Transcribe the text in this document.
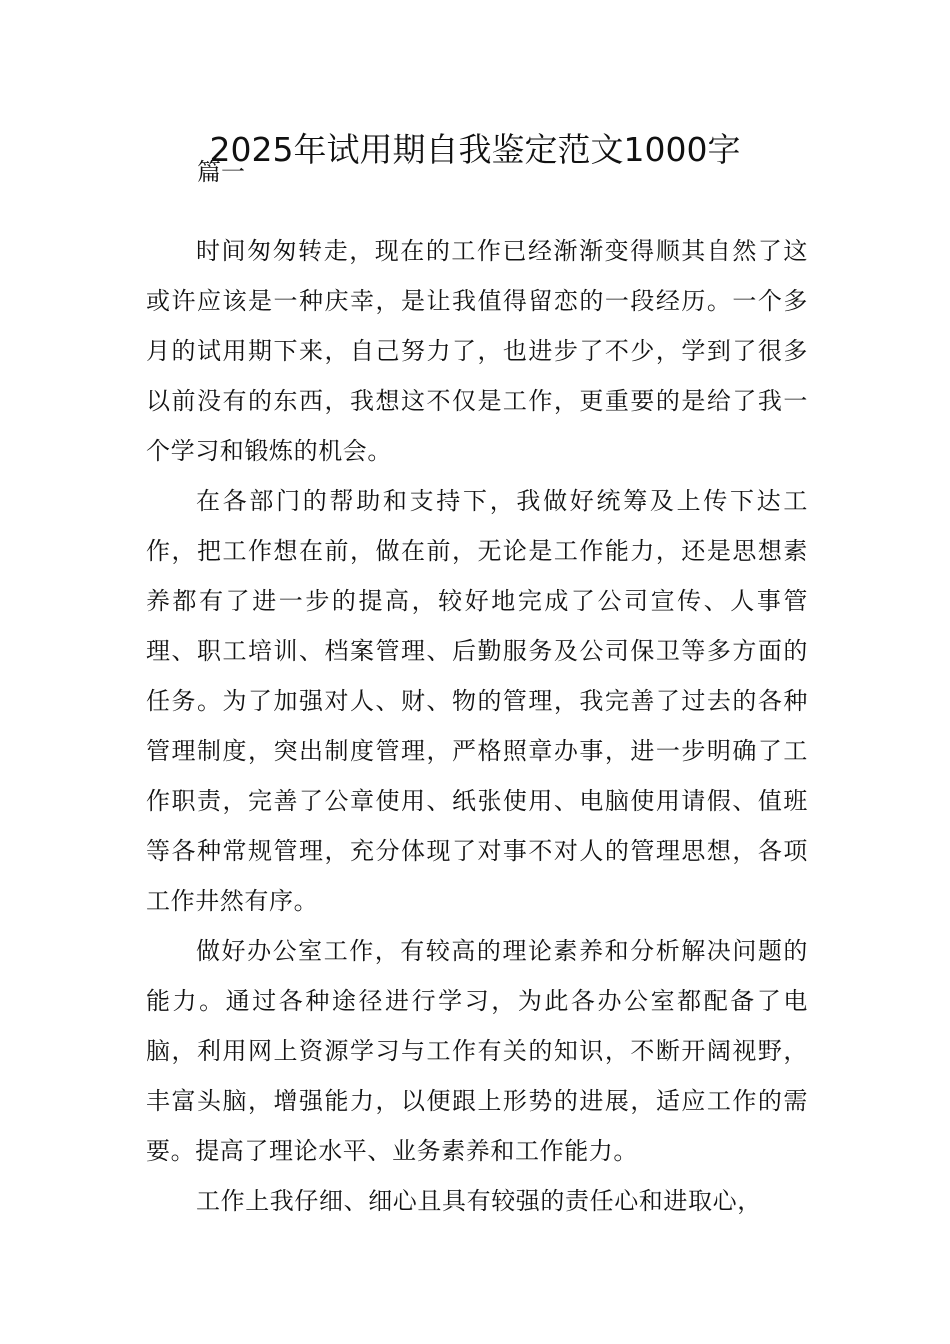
2025年试用期自我鉴定范文1000字

篇一

时间匆匆转走，现在的工作已经渐渐变得顺其自然了这或许应该是一种庆幸，是让我值得留恋的一段经历。一个多月的试用期下来，自己努力了，也进步了不少，学到了很多以前没有的东西，我想这不仅是工作，更重要的是给了我一个学习和锻炼的机会。

在各部门的帮助和支持下，我做好统筹及上传下达工作，把工作想在前，做在前，无论是工作能力，还是思想素养都有了进一步的提高，较好地完成了公司宣传、人事管理、职工培训、档案管理、后勤服务及公司保卫等多方面的任务。为了加强对人、财、物的管理，我完善了过去的各种管理制度，突出制度管理，严格照章办事，进一步明确了工作职责，完善了公章使用、纸张使用、电脑使用请假、值班等各种常规管理，充分体现了对事不对人的管理思想，各项工作井然有序。

做好办公室工作，有较高的理论素养和分析解决问题的能力。通过各种途径进行学习，为此各办公室都配备了电脑，利用网上资源学习与工作有关的知识，不断开阔视野，丰富头脑，增强能力，以便跟上形势的进展，适应工作的需要。提高了理论水平、业务素养和工作能力。

工作上我仔细、细心且具有较强的责任心和进取心，
